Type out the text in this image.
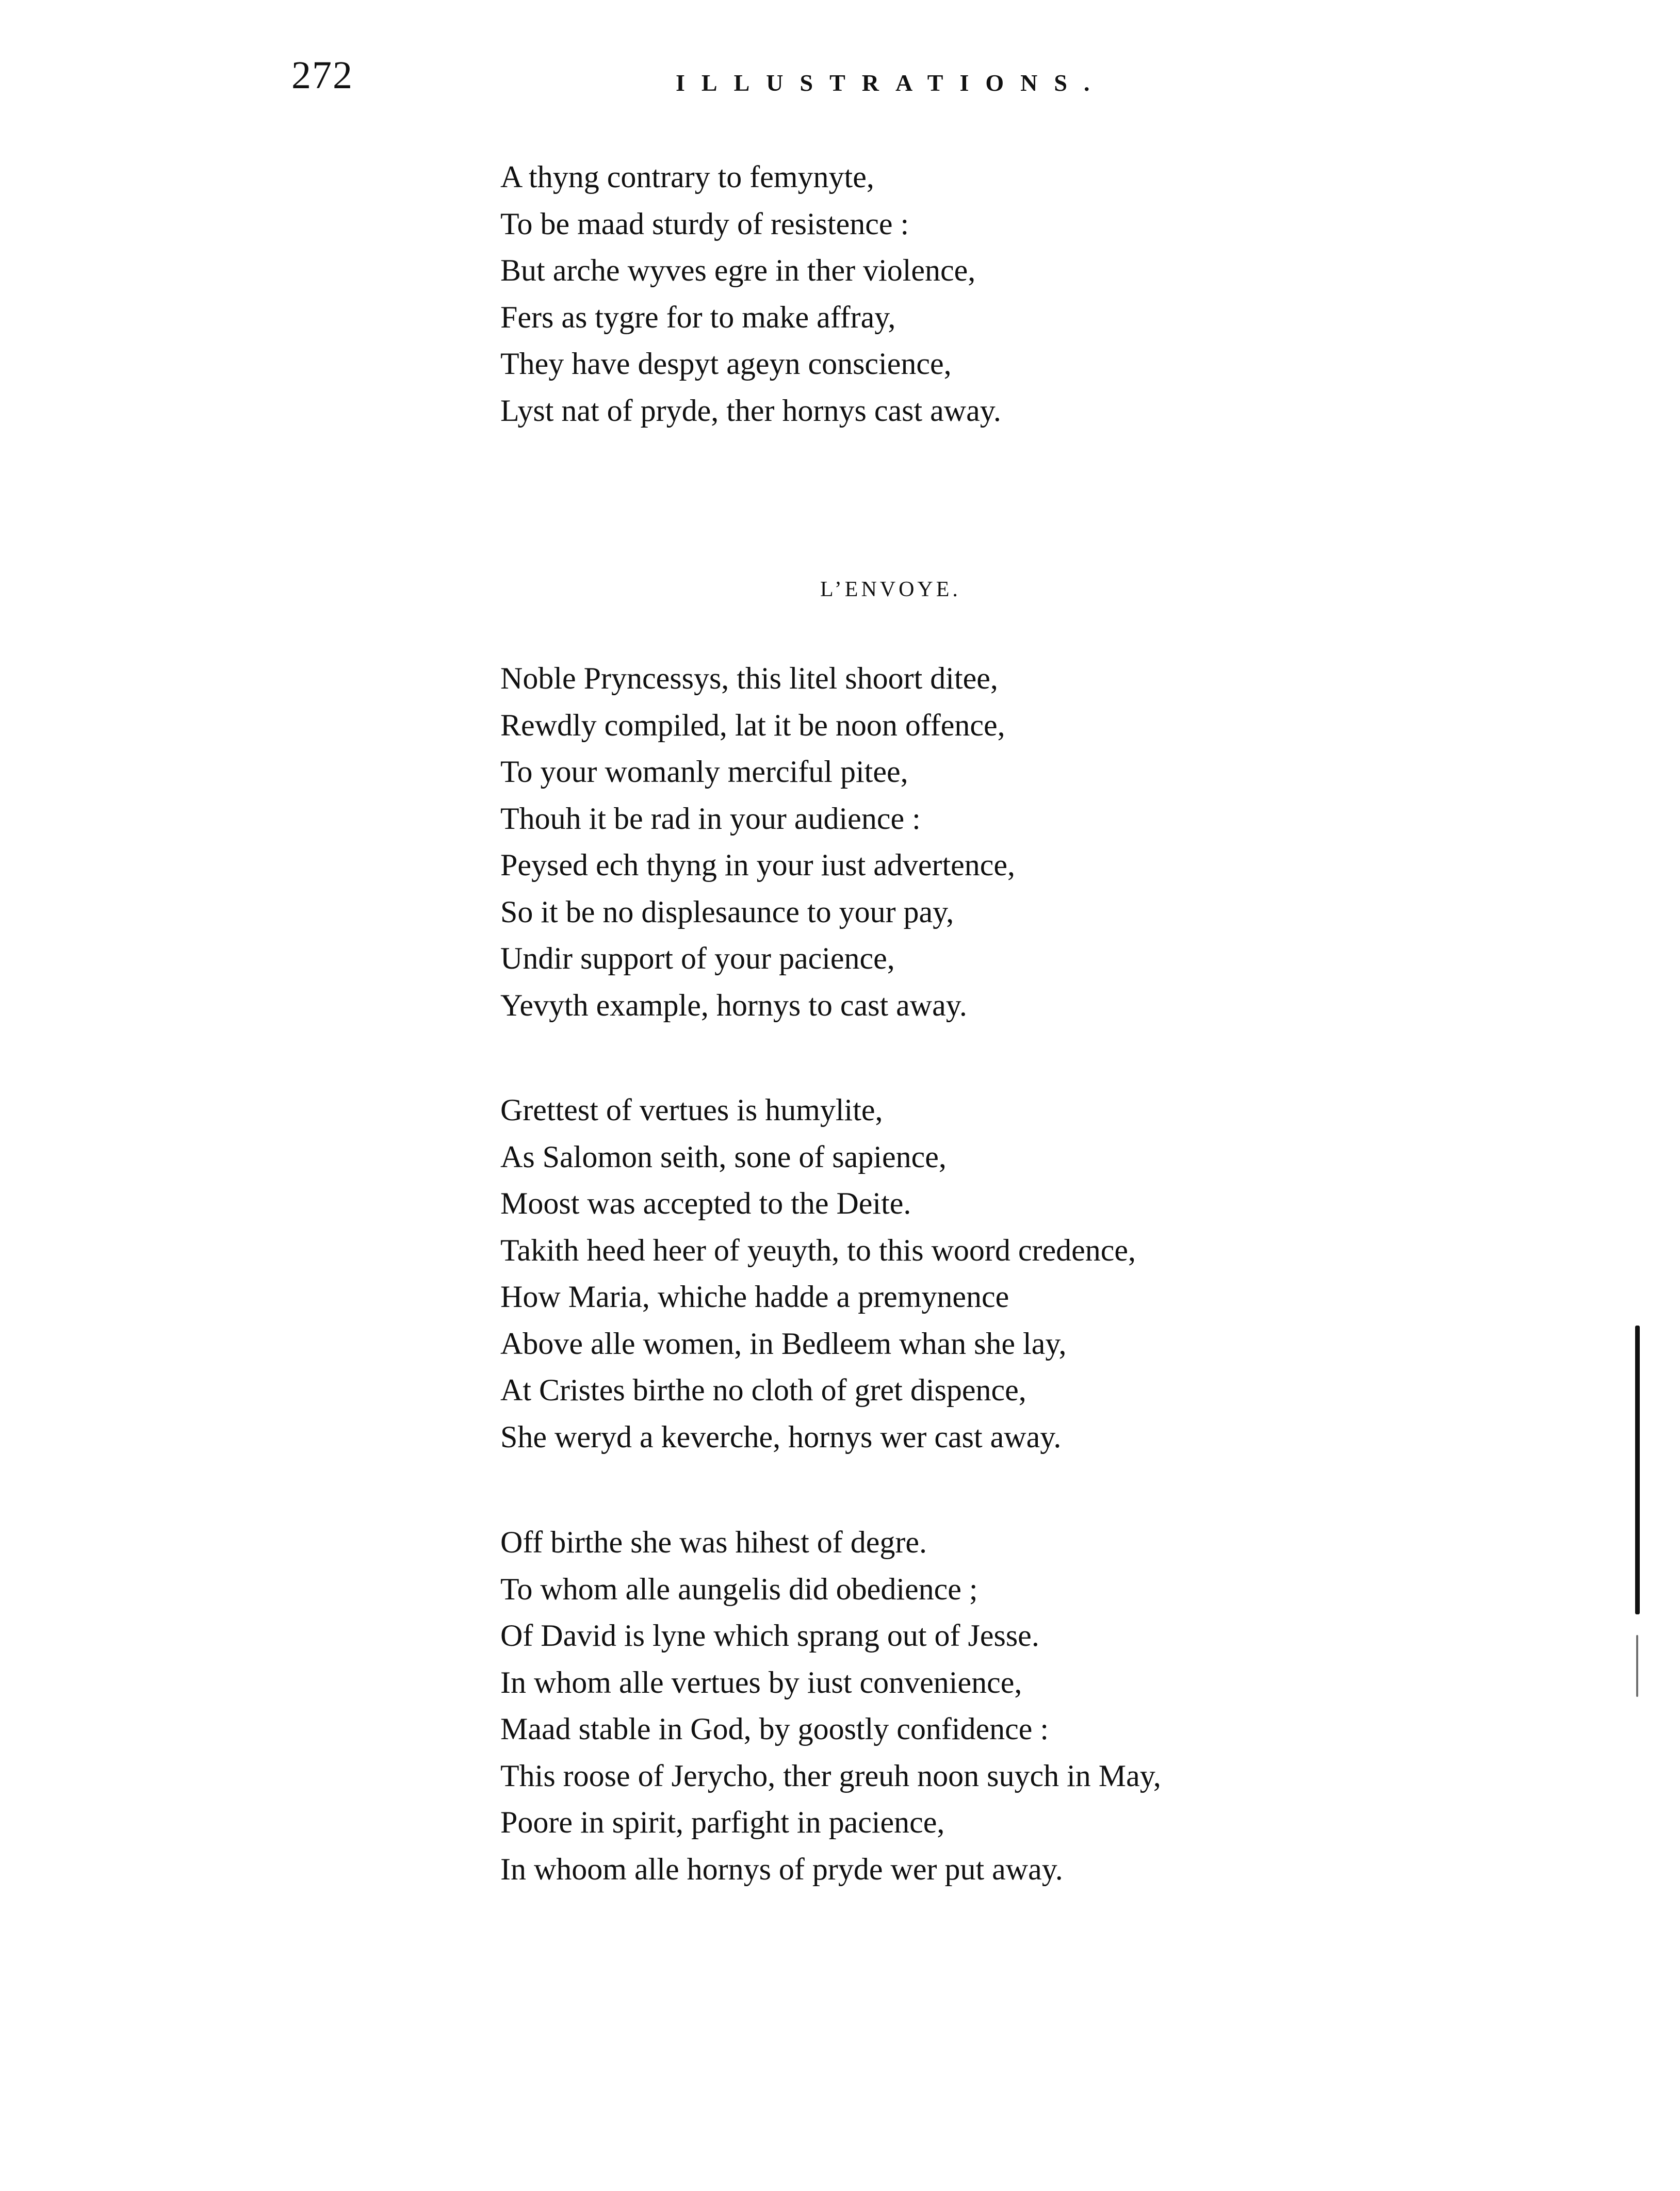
272	ILLUSTRATIONS.
A thyng contrary to femynyte,
To be maad sturdy of resistence :
But arche wyves egre in ther violence,
Fers as tygre for to make affray,
They have despyt ageyn conscience,
Lyst nat of pryde, ther hornys cast away.
L’ENVOYE.
Noble Pryncessys, this litel shoort ditee,
Rewdly compiled, lat it be noon offence,
To your womanly merciful pitee,
Thouh it be rad in your audience :
Peysed ech thyng in your iust advertence,
So it be no displesaunce to your pay,
Undir support of your pacience,
Yevyth example, hornys to cast away.
Grettest of vertues is humylite,
As Salomon seith, sone of sapience,
Moost was accepted to the Deite.
Takith heed heer of yeuyth, to this woord credence,
How Maria, whiche hadde a premynence
Above alle women, in Bedleem whan she lay,
At Cristes birthe no cloth of gret dispence,
She weryd a keverche, hornys wer cast away.
Off birthe she was hihest of degre.
To whom alle aungelis did obedience ;
Of David is lyne which sprang out of Jesse.
In whom alle vertues by iust convenience,
Maad stable in God, by goostly confidence :
This roose of Jerycho, ther greuh noon suych in May,
Poore in spirit, parfight in pacience,
In whoom alle hornys of pryde wer put away.
